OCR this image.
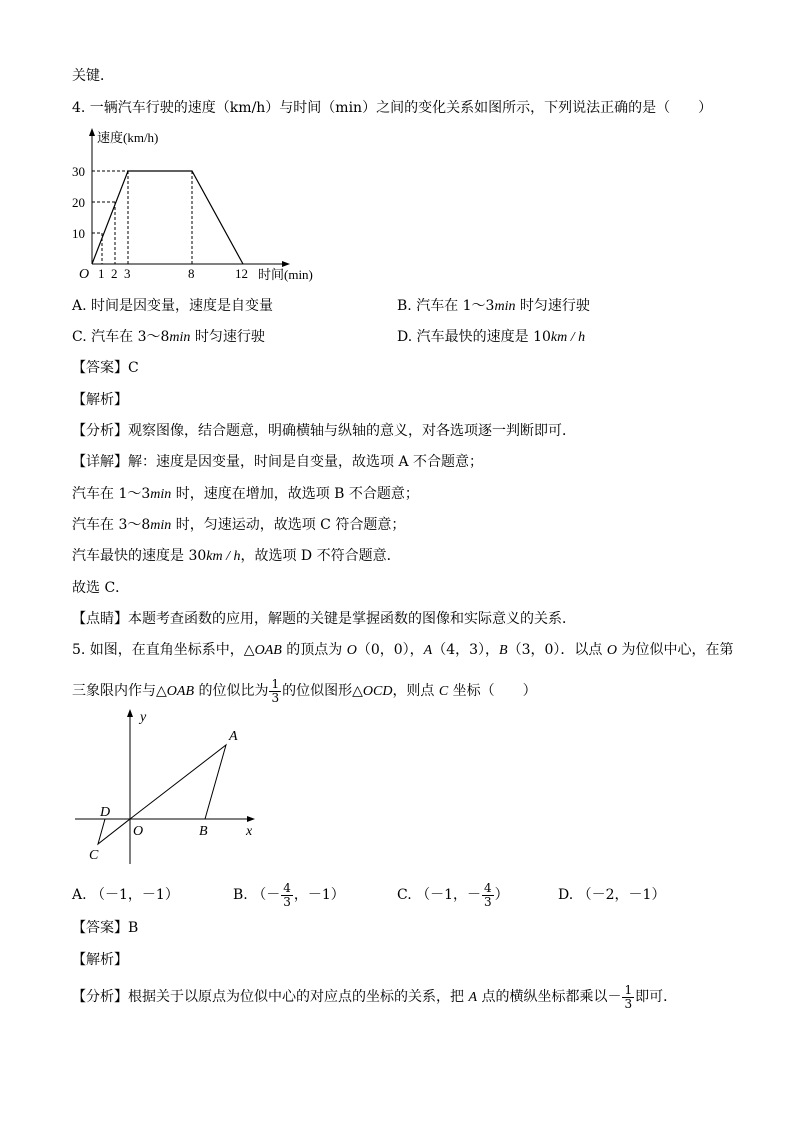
关键．
4. 一辆汽车行驶的速度（km/h）与时间（min）之间的变化关系如图所示，下列说法正确的是（　　）
速度(km/h)
30
20
10
O 1 2 3	8	12 时间(min)
A. 时间是因变量，速度是自变量	B. 汽车在 1～3min 时匀速行驶
C. 汽车在 3～8min 时匀速行驶	D. 汽车最快的速度是 10km / h
【答案】C
【解析】
【分析】观察图像，结合题意，明确横轴与纵轴的意义，对各选项逐一判断即可．
【详解】解：速度是因变量，时间是自变量，故选项 A 不合题意；
汽车在 1～3min 时，速度在增加，故选项 B 不合题意；
汽车在 3～8min 时，匀速运动，故选项 C 符合题意；
汽车最快的速度是 30km / h，故选项 D 不符合题意．
故选 C．
【点睛】本题考查函数的应用，解题的关键是掌握函数的图像和实际意义的关系．
5. 如图，在直角坐标系中，△OAB 的顶点为 O（0，0），A（4，3），B（3，0）．以点 O 为位似中心，在第
三象限内作与△OAB 的位似比为 $\frac{1}{3}$ 的位似图形△OCD，则点 C 坐标（　　）
y
A
D
O	B	x
C
A. （－1，－1）	B. （－ $\frac{4}{3}$ ，－1）	C. （－1，－ $\frac{4}{3}$ ）	D. （－2，－1）
【答案】B
【解析】
【分析】根据关于以原点为位似中心的对应点的坐标的关系，把 A 点的横纵坐标都乘以－ $\frac{1}{3}$ 即可．
